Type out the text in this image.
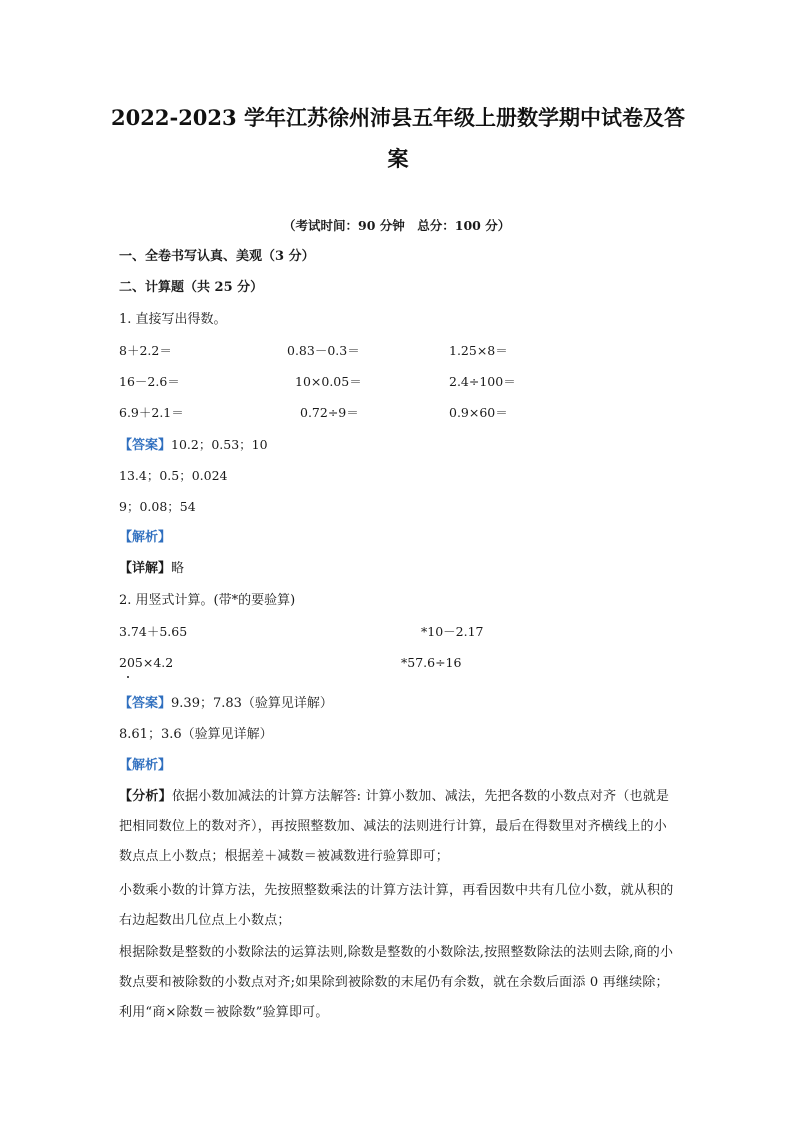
2022-2023 学年江苏徐州沛县五年级上册数学期中试卷及答
案
（考试时间：90 分钟　总分：100 分）
一、全卷书写认真、美观（3 分）
二、计算题（共 25 分）
1. 直接写出得数。
8＋2.2＝	0.83－0.3＝	1.25×8＝
16－2.6＝	10×0.05＝	2.4÷100＝
6.9＋2.1＝	0.72÷9＝	0.9×60＝
【答案】10.2；0.53；10
13.4；0.5；0.024
9；0.08；54
【解析】
【详解】略
2. 用竖式计算。(带*的要验算)
3.74＋5.65	*10－2.17
205×4.2	*57.6÷16
【答案】9.39；7.83（验算见详解）
8.61；3.6（验算见详解）
【解析】
【分析】依据小数加减法的计算方法解答: 计算小数加、减法，先把各数的小数点对齐（也就是把相同数位上的数对齐），再按照整数加、减法的法则进行计算，最后在得数里对齐横线上的小数点点上小数点；根据差＋减数＝被减数进行验算即可；
小数乘小数的计算方法，先按照整数乘法的计算方法计算，再看因数中共有几位小数，就从积的右边起数出几位点上小数点；
根据除数是整数的小数除法的运算法则,除数是整数的小数除法,按照整数除法的法则去除,商的小数点要和被除数的小数点对齐;如果除到被除数的末尾仍有余数，就在余数后面添 0 再继续除；利用“商×除数＝被除数”验算即可。
